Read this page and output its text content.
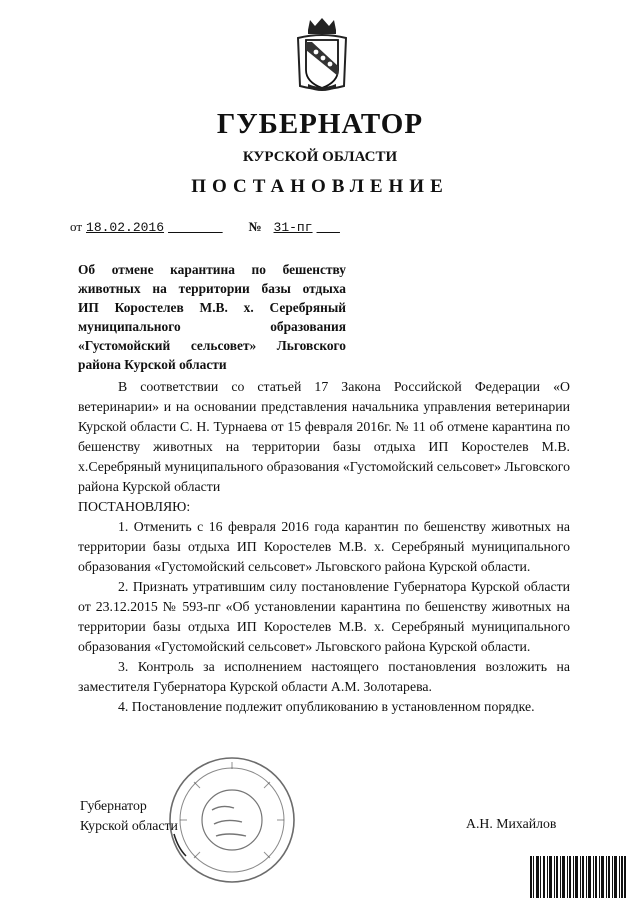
ГУБЕРНАТОР
КУРСКОЙ ОБЛАСТИ
ПОСТАНОВЛЕНИЕ
от 18.02.2016	№ 31-пг
Об отмене карантина по бешенству
животных на территории базы отдыха
ИП Коростелев М.В. х. Серебряный
муниципального образования
«Густомойский сельсовет» Льговского
района Курской области

В соответствии со статьей 17 Закона Российской Федерации «О ветеринарии» и на основании представления начальника управления ветеринарии Курской области С. Н. Турнаева от 15 февраля 2016г. № 11 об отмене карантина по бешенству животных на территории базы отдыха ИП Коростелев М.В. х.Серебряный муниципального образования «Густомойский сельсовет» Льговского района Курской области

ПОСТАНОВЛЯЮ:

1. Отменить с 16 февраля 2016 года карантин по бешенству животных на территории базы отдыха ИП Коростелев М.В. х. Серебряный муниципального образования «Густомойский сельсовет» Льговского района Курской области.

2. Признать утратившим силу постановление Губернатора Курской области от 23.12.2015 № 593-пг «Об установлении карантина по бешенству животных на территории базы отдыха ИП Коростелев М.В. х. Серебряный муниципального образования «Густомойский сельсовет» Льговского района Курской области.

3. Контроль за исполнением настоящего постановления возложить на заместителя Губернатора Курской области А.М. Золотарева.

4. Постановление подлежит опубликованию в установленном порядке.

Губернатор
Курской области	А.Н. Михайлов
